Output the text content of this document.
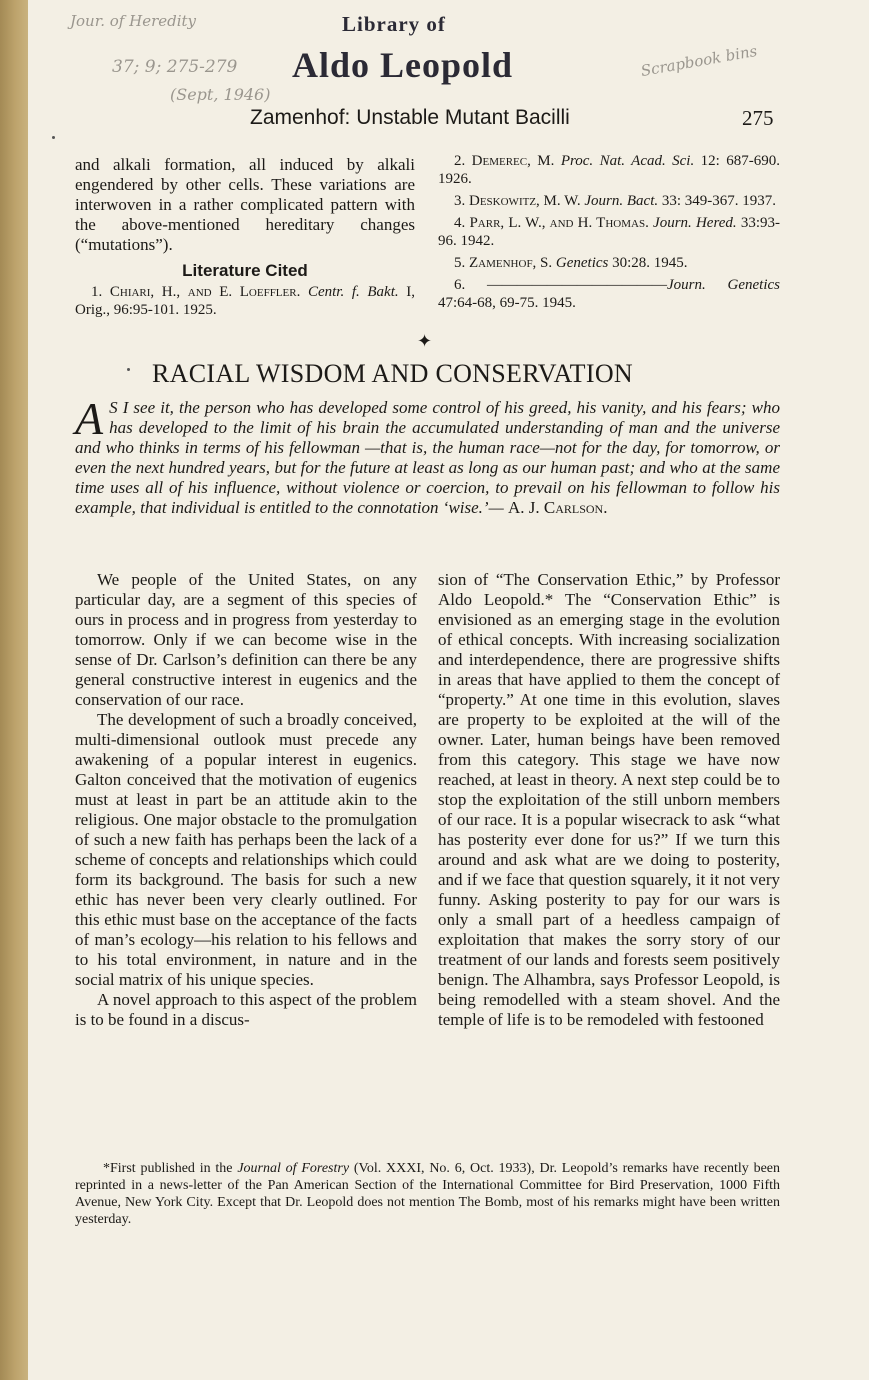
Jour. of Heredity
37; 9; 275-279
(Sept, 1946)
Scrapbook bins
Library of
Aldo Leopold
Zamenhof: Unstable Mutant Bacilli	275
and alkali formation, all induced by alkali engendered by other cells. These variations are interwoven in a rather complicated pattern with the above-mentioned hereditary changes (“mutations”).
Literature Cited
1. Chiari, H., and E. Loeffler. Centr. f. Bakt. I, Orig., 96:95-101. 1925.
2. Demerec, M. Proc. Nat. Acad. Sci. 12: 687-690. 1926.
3. Deskowitz, M. W. Journ. Bact. 33: 349-367. 1937.
4. Parr, L. W., and H. Thomas. Journ. Hered. 33:93-96. 1942.
5. Zamenhof, S. Genetics 30:28. 1945.
6. ————————————Journ. Genetics 47:64-68, 69-75. 1945.
✦
RACIAL WISDOM AND CONSERVATION
A S I see it, the person who has developed some control of his greed, his vanity, and his fears; who has developed to the limit of his brain the accumulated understanding of man and the universe and who thinks in terms of his fellowman —that is, the human race—not for the day, for tomorrow, or even the next hundred years, but for the future at least as long as our human past; and who at the same time uses all of his influence, without violence or coercion, to prevail on his fellowman to follow his example, that individual is entitled to the connotation ‘wise.’— A. J. Carlson.

We people of the United States, on any particular day, are a segment of this species of ours in process and in progress from yesterday to tomorrow. Only if we can become wise in the sense of Dr. Carlson’s definition can there be any general constructive interest in eugenics and the conservation of our race.

The development of such a broadly conceived, multi-dimensional outlook must precede any awakening of a popular interest in eugenics. Galton conceived that the motivation of eugenics must at least in part be an attitude akin to the religious. One major obstacle to the promulgation of such a new faith has perhaps been the lack of a scheme of concepts and relationships which could form its background. The basis for such a new ethic has never been very clearly outlined. For this ethic must base on the acceptance of the facts of man’s ecology—his relation to his fellows and to his total environment, in nature and in the social matrix of his unique species.

A novel approach to this aspect of the problem is to be found in a discus-

sion of “The Conservation Ethic,” by Professor Aldo Leopold.* The “Conservation Ethic” is envisioned as an emerging stage in the evolution of ethical concepts. With increasing socialization and interdependence, there are progressive shifts in areas that have applied to them the concept of “property.” At one time in this evolution, slaves are property to be exploited at the will of the owner. Later, human beings have been removed from this category. This stage we have now reached, at least in theory. A next step could be to stop the exploitation of the still unborn members of our race. It is a popular wisecrack to ask “what has posterity ever done for us?” If we turn this around and ask what are we doing to posterity, and if we face that question squarely, it it not very funny. Asking posterity to pay for our wars is only a small part of a heedless campaign of exploitation that makes the sorry story of our treatment of our lands and forests seem positively benign. The Alhambra, says Professor Leopold, is being remodelled with a steam shovel. And the temple of life is to be remodeled with festooned

*First published in the Journal of Forestry (Vol. XXXI, No. 6, Oct. 1933), Dr. Leopold’s remarks have recently been reprinted in a news-letter of the Pan American Section of the International Committee for Bird Preservation, 1000 Fifth Avenue, New York City. Except that Dr. Leopold does not mention The Bomb, most of his remarks might have been written yesterday.
